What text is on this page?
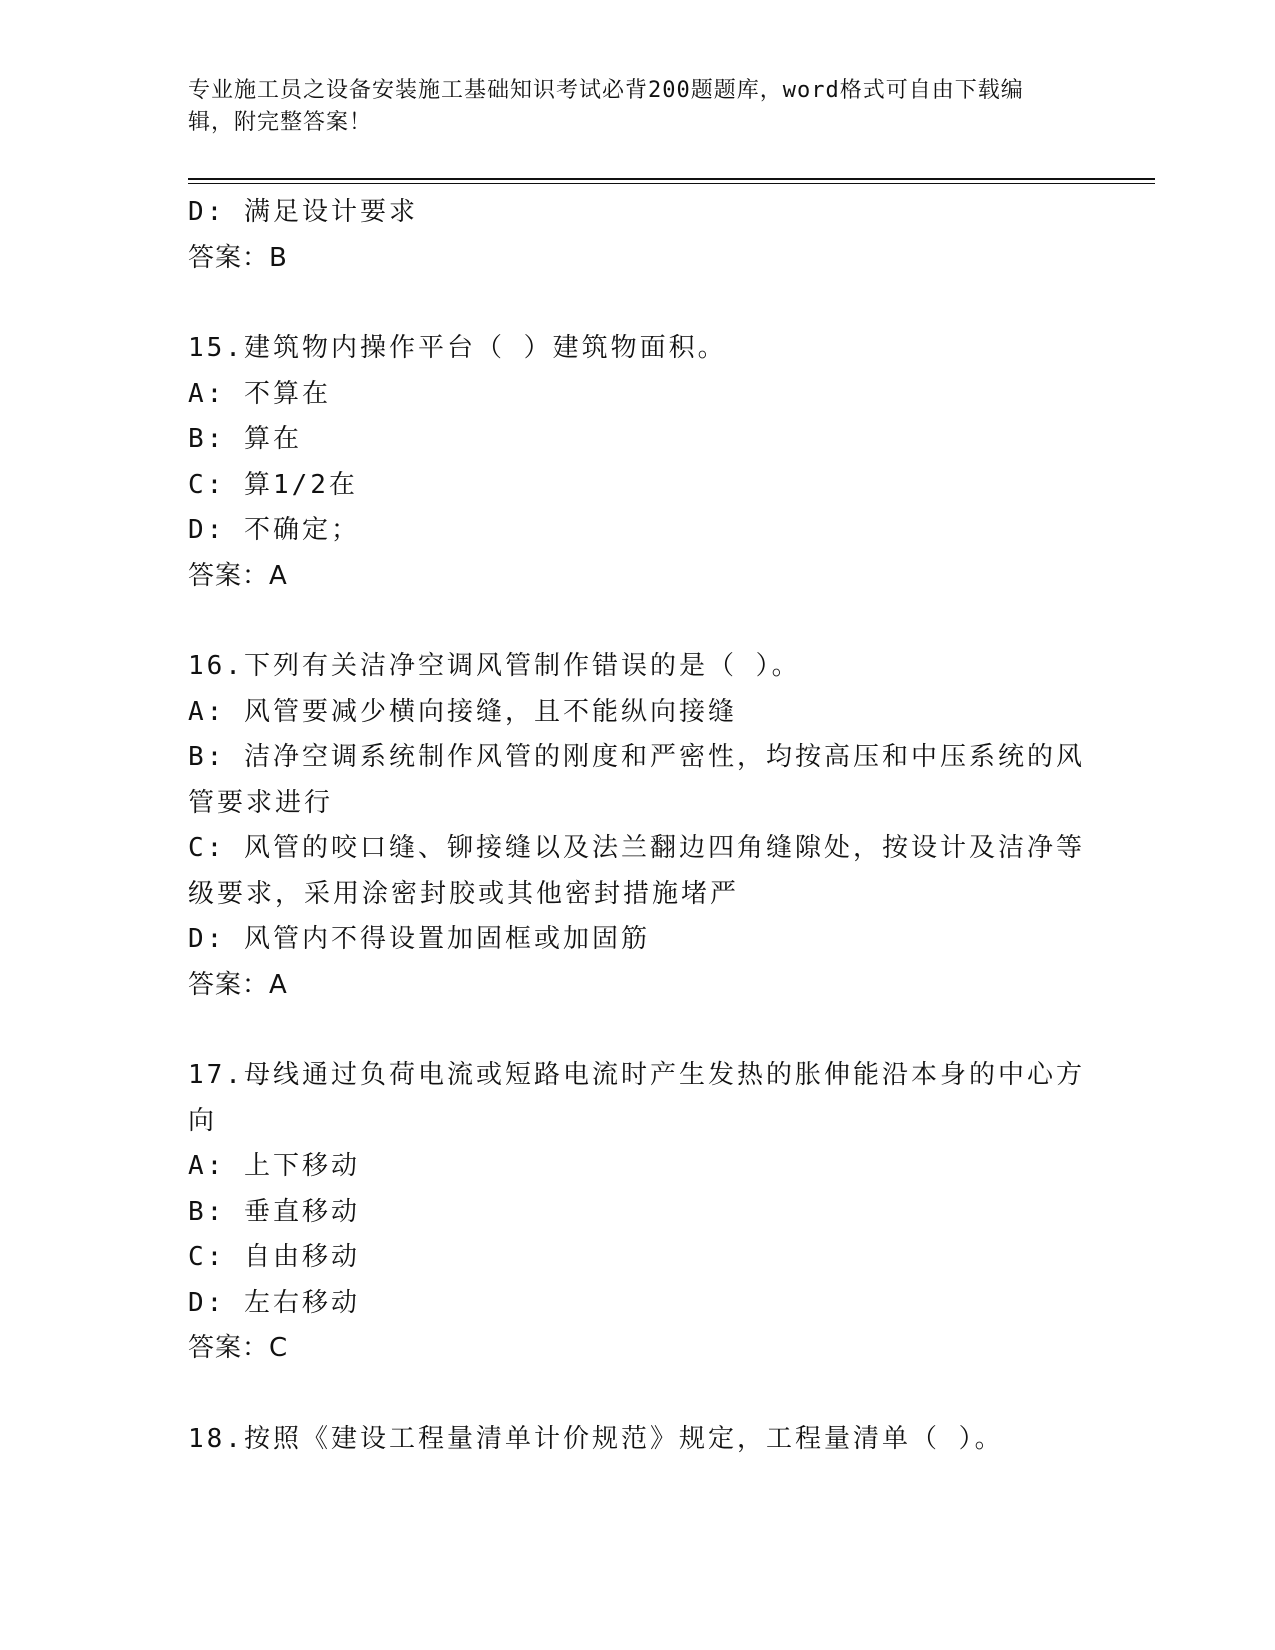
专业施工员之设备安装施工基础知识考试必背200题题库，word格式可自由下载编辑，附完整答案！
D: 满足设计要求
答案：B
15.建筑物内操作平台（ ）建筑物面积。
A: 不算在
B: 算在
C: 算1/2在
D: 不确定；
答案：A
16.下列有关洁净空调风管制作错误的是（ ）。
A: 风管要减少横向接缝，且不能纵向接缝
B: 洁净空调系统制作风管的刚度和严密性，均按高压和中压系统的风管要求进行
C: 风管的咬口缝、铆接缝以及法兰翻边四角缝隙处，按设计及洁净等级要求，采用涂密封胶或其他密封措施堵严
D: 风管内不得设置加固框或加固筋
答案：A
17.母线通过负荷电流或短路电流时产生发热的胀伸能沿本身的中心方向
A: 上下移动
B: 垂直移动
C: 自由移动
D: 左右移动
答案：C
18.按照《建设工程量清单计价规范》规定，工程量清单（ ）。
